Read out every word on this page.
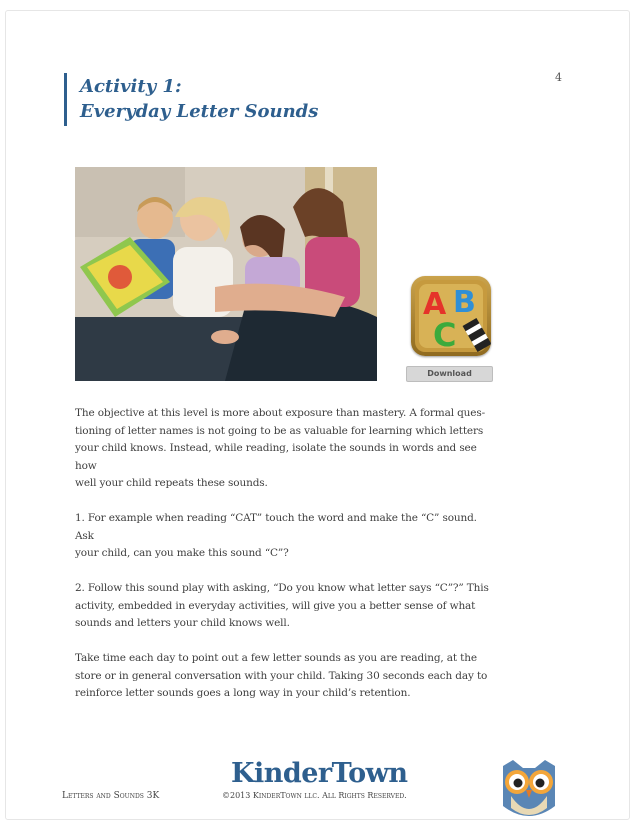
Activity 1:
Everyday Letter Sounds
4
A B
C
Download

The objective at this level is more about exposure than mastery. A formal ques-
tioning of letter names is not going to be as valuable for learning which letters
your child knows. Instead, while reading, isolate the sounds in words and see how
well your child repeats these sounds.

1. For example when reading “CAT” touch the word and make the “C” sound. Ask
your child, can you make this sound “C”?

2. Follow this sound play with asking, “Do you know what letter says “C”?” This
activity, embedded in everyday activities, will give you a better sense of what
sounds and letters your child knows well.

Take time each day to point out a few letter sounds as you are reading, at the
store or in general conversation with your child. Taking 30 seconds each day to
reinforce letter sounds goes a long way in your child’s retention.

Letters and Sounds 3K
KinderTown
©2013 KinderTown llc. All Rights Reserved.
